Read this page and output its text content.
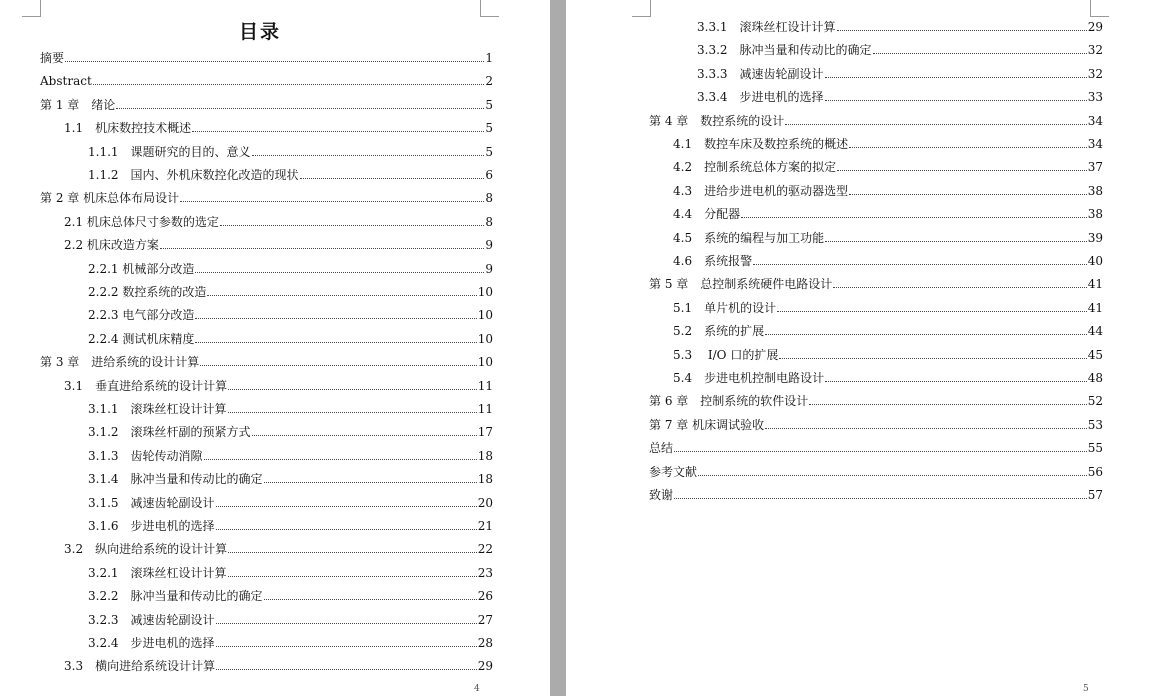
目录
摘要	1
Abstract	2
第 1 章　绪论	5
1.1　机床数控技术概述	5
1.1.1　课题研究的目的、意义	5
1.1.2　国内、外机床数控化改造的现状	6
第 2 章 机床总体布局设计	8
2.1 机床总体尺寸参数的选定	8
2.2 机床改造方案	9
2.2.1 机械部分改造	9
2.2.2 数控系统的改造	10
2.2.3 电气部分改造	10
2.2.4 测试机床精度	10
第 3 章　进给系统的设计计算	10
3.1　垂直进给系统的设计计算	11
3.1.1　滚珠丝杠设计计算	11
3.1.2　滚珠丝杆副的预紧方式	17
3.1.3　齿轮传动消隙	18
3.1.4　脉冲当量和传动比的确定	18
3.1.5　减速齿轮副设计	20
3.1.6　步进电机的选择	21
3.2　纵向进给系统的设计计算	22
3.2.1　滚珠丝杠设计计算	23
3.2.2　脉冲当量和传动比的确定	26
3.2.3　减速齿轮副设计	27
3.2.4　步进电机的选择	28
3.3　横向进给系统设计计算	29
4
3.3.1　滚珠丝杠设计计算	29
3.3.2　脉冲当量和传动比的确定	32
3.3.3　减速齿轮副设计	32
3.3.4　步进电机的选择	33
第 4 章　数控系统的设计	34
4.1　数控车床及数控系统的概述	34
4.2　控制系统总体方案的拟定	37
4.3　进给步进电机的驱动器选型	38
4.4　分配器	38
4.5　系统的编程与加工功能	39
4.6　系统报警	40
第 5 章　总控制系统硬件电路设计	41
5.1　单片机的设计	41
5.2　系统的扩展	44
5.3　 I/O 口的扩展	45
5.4　步进电机控制电路设计	48
第 6 章　控制系统的软件设计	52
第 7 章 机床调试验收	53
总结	55
参考文献	56
致谢	57
5
